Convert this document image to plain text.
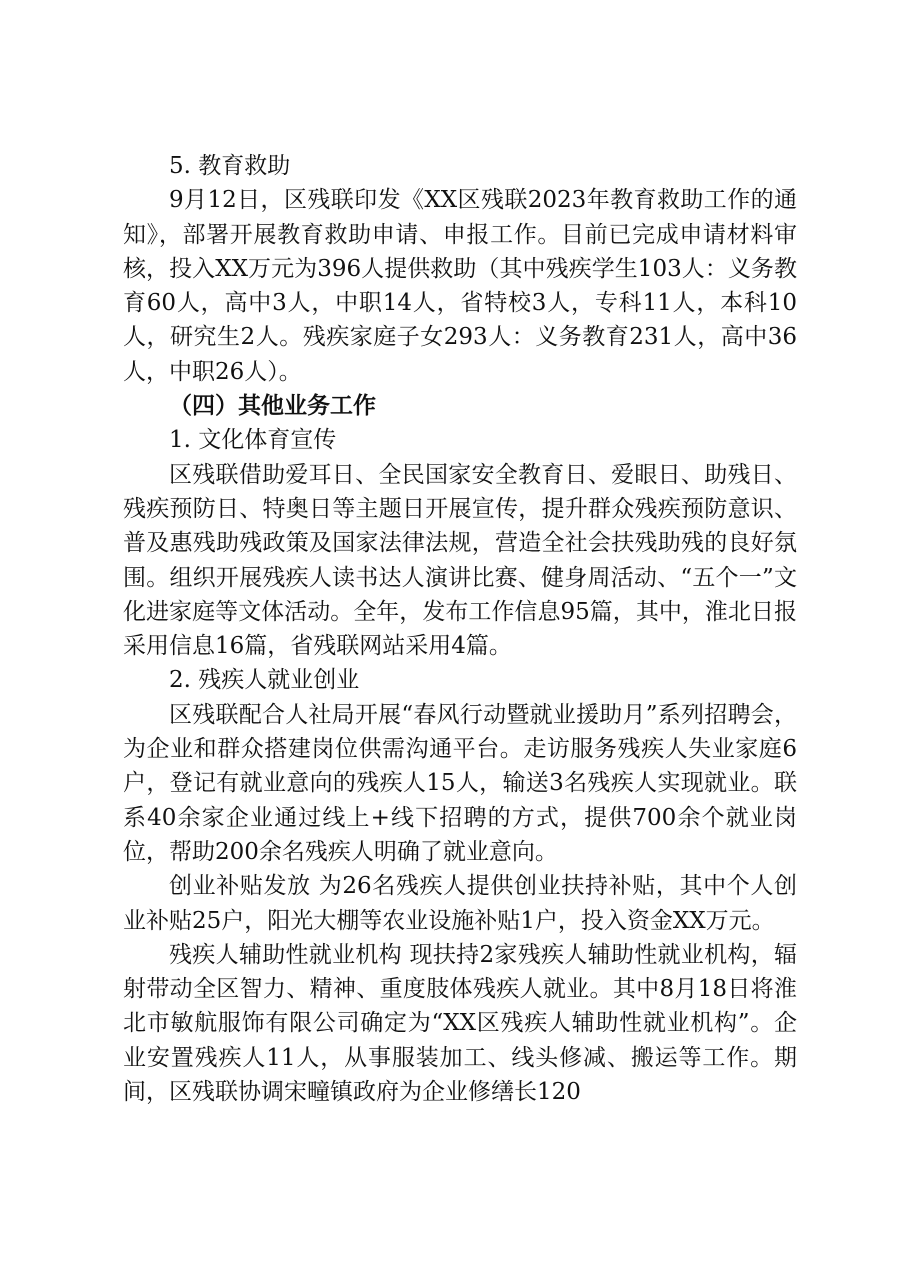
5. 教育救助

9月12日，区残联印发《XX区残联2023年教育救助工作的通知》，部署开展教育救助申请、申报工作。目前已完成申请材料审核，投入XX万元为396人提供救助（其中残疾学生103人：义务教育60人，高中3人，中职14人，省特校3人，专科11人，本科10人，研究生2人。残疾家庭子女293人：义务教育231人，高中36人，中职26人）。

（四）其他业务工作

1. 文化体育宣传

区残联借助爱耳日、全民国家安全教育日、爱眼日、助残日、残疾预防日、特奥日等主题日开展宣传，提升群众残疾预防意识、普及惠残助残政策及国家法律法规，营造全社会扶残助残的良好氛围。组织开展残疾人读书达人演讲比赛、健身周活动、“五个一”文化进家庭等文体活动。全年，发布工作信息95篇，其中，淮北日报采用信息16篇，省残联网站采用4篇。

2. 残疾人就业创业

区残联配合人社局开展“春风行动暨就业援助月”系列招聘会，为企业和群众搭建岗位供需沟通平台。走访服务残疾人失业家庭6户，登记有就业意向的残疾人15人，输送3名残疾人实现就业。联系40余家企业通过线上+线下招聘的方式，提供700余个就业岗位，帮助200余名残疾人明确了就业意向。

创业补贴发放 为26名残疾人提供创业扶持补贴，其中个人创业补贴25户，阳光大棚等农业设施补贴1户，投入资金XX万元。

残疾人辅助性就业机构 现扶持2家残疾人辅助性就业机构，辐射带动全区智力、精神、重度肢体残疾人就业。其中8月18日将淮北市敏航服饰有限公司确定为“XX区残疾人辅助性就业机构”。企业安置残疾人11人，从事服装加工、线头修减、搬运等工作。期间，区残联协调宋疃镇政府为企业修缮长120
